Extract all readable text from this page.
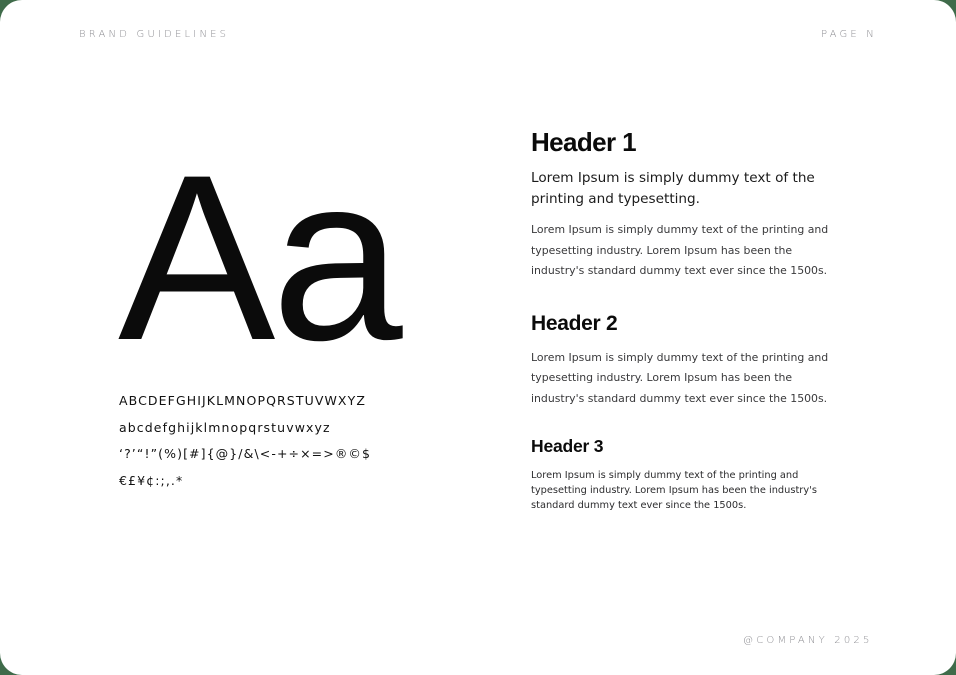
BRAND GUIDELINES	PAGE N
Aa
ABCDEFGHIJKLMNOPQRSTUVWXYZ
abcdefghijklmnopqrstuvwxyz
‘?’“!”(%)[#]{@}/&\<-+÷×=>®©$
€£¥¢:;,.*
Header 1

Lorem Ipsum is simply dummy text of the printing and typesetting.

Lorem Ipsum is simply dummy text of the printing and typesetting industry. Lorem Ipsum has been the industry's standard dummy text ever since the 1500s.

Header 2

Lorem Ipsum is simply dummy text of the printing and typesetting industry. Lorem Ipsum has been the industry's standard dummy text ever since the 1500s.

Header 3

Lorem Ipsum is simply dummy text of the printing and typesetting industry. Lorem Ipsum has been the industry's standard dummy text ever since the 1500s.

@COMPANY 2025
